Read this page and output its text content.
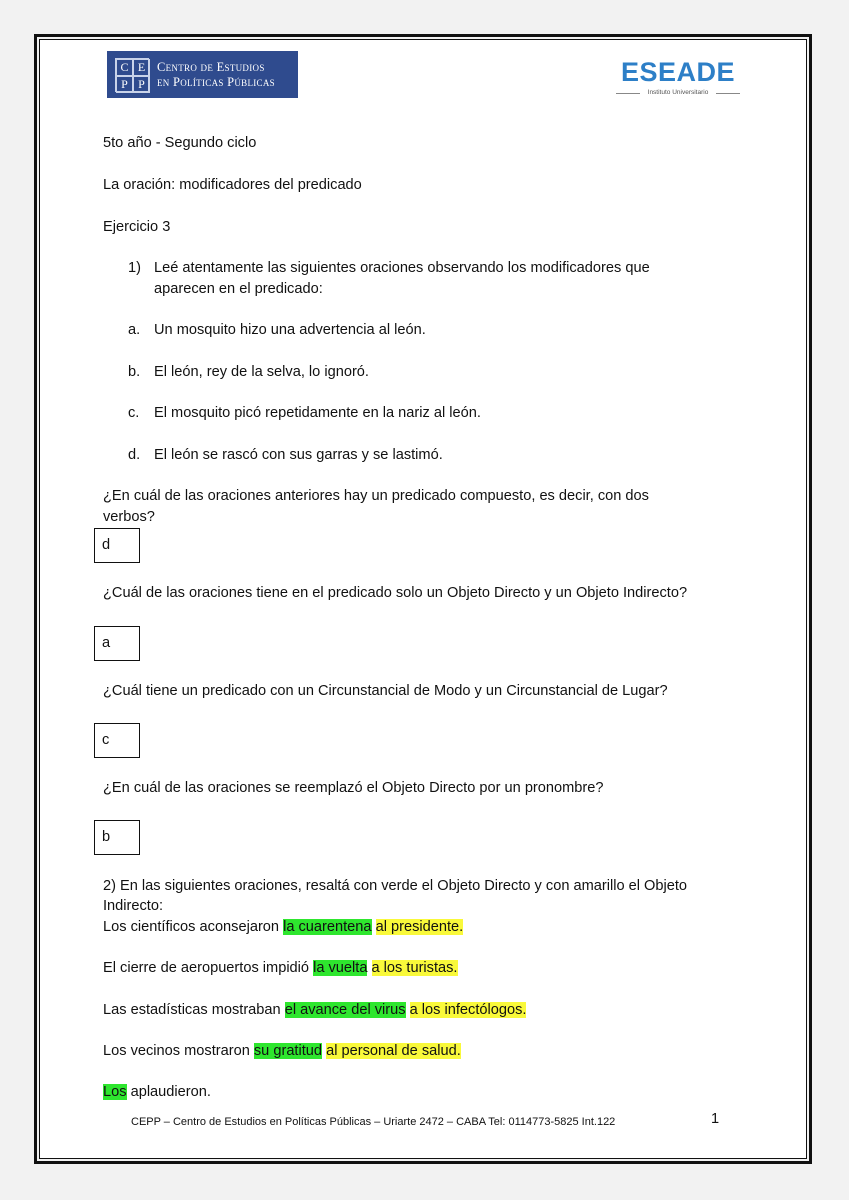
C E
P P
Centro de Estudios
en Políticas Públicas	ESEADE
Instituto Universitario
5to año - Segundo ciclo
La oración: modificadores del predicado
Ejercicio 3
1) Leé atentamente las siguientes oraciones observando los modificadores que
aparecen en el predicado:
a. Un mosquito hizo una advertencia al león.
b. El león, rey de la selva, lo ignoró.
c. El mosquito picó repetidamente en la nariz al león.
d. El león se rascó con sus garras y se lastimó.
¿En cuál de las oraciones anteriores hay un predicado compuesto, es decir, con dos
verbos?
d
¿Cuál de las oraciones tiene en el predicado solo un Objeto Directo y un Objeto Indirecto?
a
¿Cuál tiene un predicado con un Circunstancial de Modo y un Circunstancial de Lugar?
c
¿En cuál de las oraciones se reemplazó el Objeto Directo por un pronombre?
b
2) En las siguientes oraciones, resaltá con verde el Objeto Directo y con amarillo el Objeto
Indirecto:
Los científicos aconsejaron la cuarentena al presidente.
El cierre de aeropuertos impidió la vuelta a los turistas.
Las estadísticas mostraban el avance del virus a los infectólogos.
Los vecinos mostraron su gratitud al personal de salud.
Los aplaudieron.
CEPP – Centro de Estudios en Políticas Públicas – Uriarte 2472 – CABA Tel: 0114773-5825 Int.122	1
